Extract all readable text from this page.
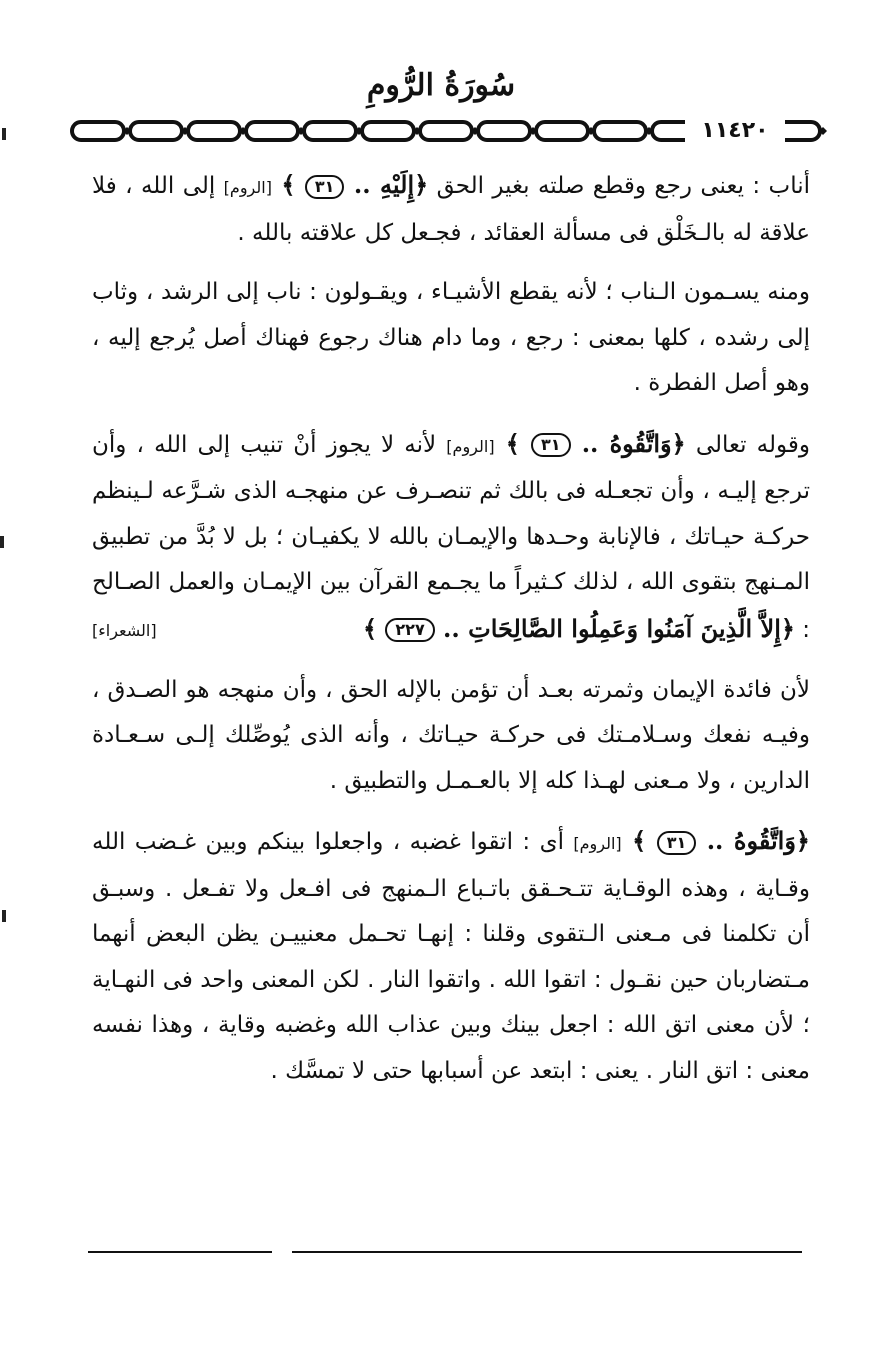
سُورَةُ الرُّومِ
١١٤٢٠

أناب : يعنى رجع وقطع صلته بغير الحق ﴿إِلَيْهِ .. ٣١ ﴾ [الروم] إلى الله ، فلا علاقة له بالـخَلْق فى مسألة العقائد ، فجـعل كل علاقته بالله .

ومنه يسـمون الـناب ؛ لأنه يقطع الأشيـاء ، ويقـولون : ناب إلى الرشد ، وثاب إلى رشده ، كلها بمعنى : رجع ، وما دام هناك رجوع فهناك أصل يُرجع إليه ، وهو أصل الفطرة .

وقوله تعالى ﴿وَاتَّقُوهُ .. ٣١ ﴾ [الروم] لأنه لا يجوز أنْ تنيب إلى الله ، وأن ترجع إليـه ، وأن تجعـله فى بالك ثم تنصـرف عن منهجـه الذى شـرَّعه لـينظم حركـة حيـاتك ، فالإنابة وحـدها والإيمـان بالله لا يكفيـان ؛ بل لا بُدَّ من تطبيق المـنهج بتقوى الله ، لذلك كـثيراً ما يجـمع القرآن بين الإيمـان والعمل الصـالح : ﴿إِلاَّ الَّذِينَ آمَنُوا وَعَمِلُوا الصَّالِحَاتِ .. ٢٢٧ ﴾
[الشعراء]

لأن فائدة الإيمان وثمرته بعـد أن تؤمن بالإله الحق ، وأن منهجه هو الصـدق ، وفيـه نفعك وسـلامـتك فى حركـة حيـاتك ، وأنه الذى يُوصِّلك إلـى سـعـادة الدارين ، ولا مـعنى لهـذا كله إلا بالعـمـل والتطبيق .

﴿وَاتَّقُوهُ .. ٣١ ﴾ [الروم] أى : اتقوا غضبه ، واجعلوا بينكم وبين غـضب الله وقـاية ، وهذه الوقـاية تتـحـقق باتـباع الـمنهج فى افـعل ولا تفـعل . وسبـق أن تكلمنا فى مـعنى الـتقوى وقلنا : إنهـا تحـمل معنييـن يظن البعض أنهما مـتضاربان حين نقـول : اتقوا الله . واتقوا النار . لكن المعنى واحد فى النهـاية ؛ لأن معنى اتق الله : اجعل بينك وبين عذاب الله وغضبه وقاية ، وهذا نفسه معنى : اتق النار . يعنى : ابتعد عن أسبابها حتى لا تمسَّك .
